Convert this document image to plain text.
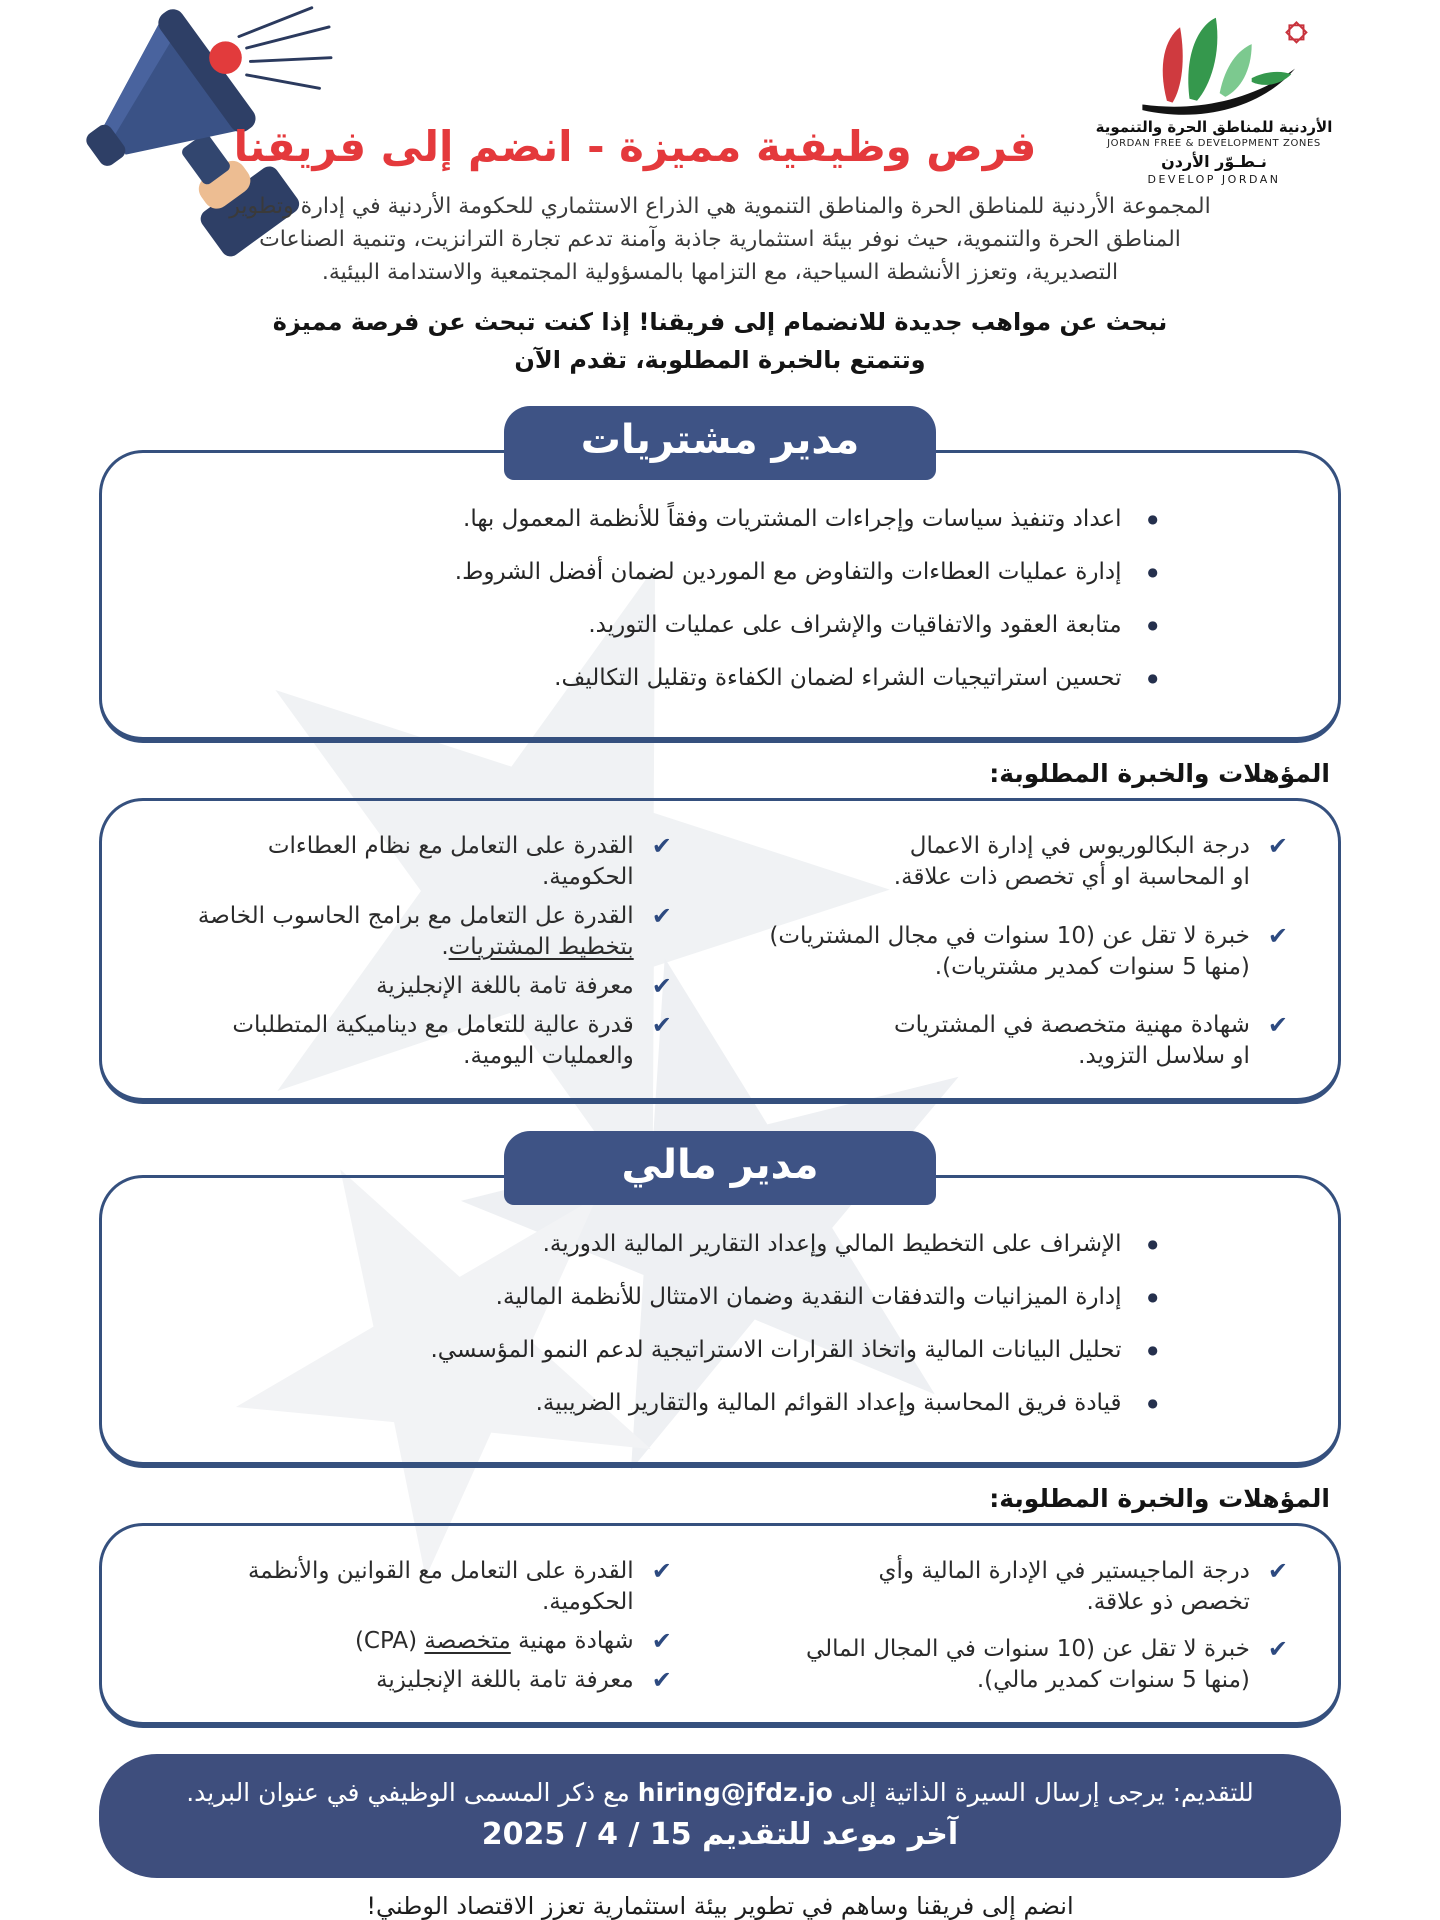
فرص وظيفية مميزة - انضم إلى فريقنا	الأردنية للمناطق الحرة والتنموية
JORDAN FREE & DEVELOPMENT ZONES
نـطـوّر الأردن
DEVELOP JORDAN
المجموعة الأردنية للمناطق الحرة والمناطق التنموية هي الذراع الاستثماري للحكومة الأردنية في إدارة وتطوير
المناطق الحرة والتنموية، حيث نوفر بيئة استثمارية جاذبة وآمنة تدعم تجارة الترانزيت، وتنمية الصناعات
التصديرية، وتعزز الأنشطة السياحية، مع التزامها بالمسؤولية المجتمعية والاستدامة البيئية.
نبحث عن مواهب جديدة للانضمام إلى فريقنا! إذا كنت تبحث عن فرصة مميزة
وتتمتع بالخبرة المطلوبة، تقدم الآن
مدير مشتريات
●
اعداد وتنفيذ سياسات وإجراءات المشتريات وفقاً للأنظمة المعمول بها.
●
إدارة عمليات العطاءات والتفاوض مع الموردين لضمان أفضل الشروط.
●
متابعة العقود والاتفاقيات والإشراف على عمليات التوريد.
●
تحسين استراتيجيات الشراء لضمان الكفاءة وتقليل التكاليف.
المؤهلات والخبرة المطلوبة:
✔
درجة البكالوريوس في إدارة الاعمال
او المحاسبة او أي تخصص ذات علاقة.
✔
خبرة لا تقل عن (10 سنوات في مجال المشتريات)
(منها 5 سنوات كمدير مشتريات).
✔
شهادة مهنية متخصصة في المشتريات
او سلاسل التزويد.
✔
القدرة على التعامل مع نظام العطاءات
الحكومية.
✔
القدرة عل التعامل مع برامج الحاسوب الخاصة
بتخطيط المشتريات.
✔
معرفة تامة باللغة الإنجليزية
✔
قدرة عالية للتعامل مع ديناميكية المتطلبات
والعمليات اليومية.
مدير مالي
●
الإشراف على التخطيط المالي وإعداد التقارير المالية الدورية.
●
إدارة الميزانيات والتدفقات النقدية وضمان الامتثال للأنظمة المالية.
●
تحليل البيانات المالية واتخاذ القرارات الاستراتيجية لدعم النمو المؤسسي.
●
قيادة فريق المحاسبة وإعداد القوائم المالية والتقارير الضريبية.
المؤهلات والخبرة المطلوبة:
✔
درجة الماجيستير في الإدارة المالية وأي
تخصص ذو علاقة.
✔
خبرة لا تقل عن (10 سنوات في المجال المالي
(منها 5 سنوات كمدير مالي).
✔
القدرة على التعامل مع القوانين والأنظمة
الحكومية.
✔
شهادة مهنية متخصصة (CPA)
✔
معرفة تامة باللغة الإنجليزية
للتقديم: يرجى إرسال السيرة الذاتية إلى hiring@jfdz.jo مع ذكر المسمى الوظيفي في عنوان البريد.
آخر موعد للتقديم 15 / 4 / 2025
انضم إلى فريقنا وساهم في تطوير بيئة استثمارية تعزز الاقتصاد الوطني!
